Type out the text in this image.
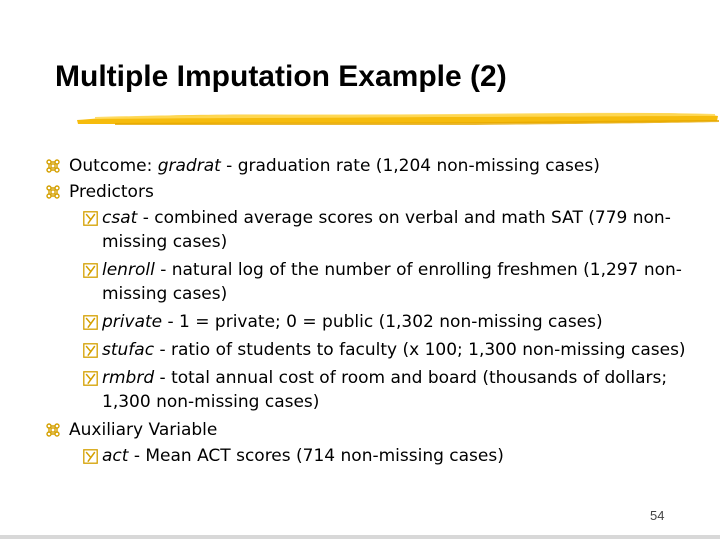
Multiple Imputation Example (2)
Outcome: gradrat - graduation rate (1,204 non-missing cases)
Predictors
csat - combined average scores on verbal and math SAT (779 non-missing cases)
lenroll - natural log of the number of enrolling freshmen (1,297 non-missing cases)
private - 1 = private; 0 = public (1,302 non-missing cases)
stufac - ratio of students to faculty (x 100; 1,300 non-missing cases)
rmbrd - total annual cost of room and board (thousands of dollars; 1,300 non-missing cases)
Auxiliary Variable
act - Mean ACT scores (714 non-missing cases)
54
